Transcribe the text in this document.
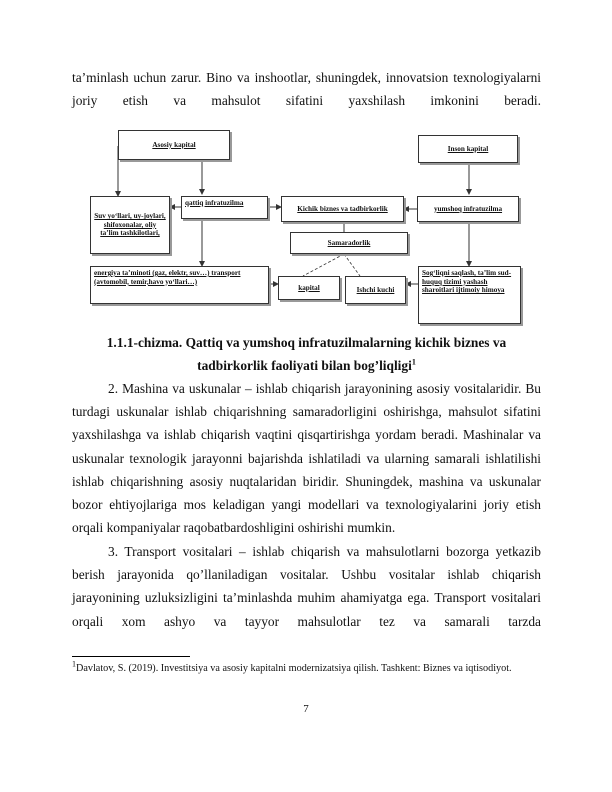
ta’minlash uchun zarur. Bino va inshootlar, shuningdek, innovatsion texnologiyalarni joriy etish va mahsulot sifatini yaxshilash imkonini beradi.

Asosiy kapital	Inson kapital
Suv yo‘llari, uy-joylari, shifoxonalar, oliy ta’lim tashkilotlari,
qattiq infratuzilma
Kichik biznes va tadbirkorlik	yumshoq infratuzilma
Samaradorlik
energiya ta’minoti (gaz, elektr, suv…) transport (avtomobil, temir,havo yo‘llari…)
kapital	Ishchi kuchi
Sog‘liqni saqlash, ta’lim sud-huquq tizimi yashash sharoitlari ijtimoiy himoya

1.1.1-chizma. Qattiq va yumshoq infratuzilmalarning kichik biznes va
tadbirkorlik faoliyati bilan bog’liqligi$^1$

2. Mashina va uskunalar – ishlab chiqarish jarayonining asosiy vositalaridir. Bu turdagi uskunalar ishlab chiqarishning samaradorligini oshirishga, mahsulot sifatini yaxshilashga va ishlab chiqarish vaqtini qisqartirishga yordam beradi. Mashinalar va uskunalar texnologik jarayonni bajarishda ishlatiladi va ularning samarali ishlatilishi ishlab chiqarishning asosiy nuqtalaridan biridir. Shuningdek, mashina va uskunalar bozor ehtiyojlariga mos keladigan yangi modellari va texnologiyalarini joriy etish orqali kompaniyalar raqobatbardoshligini oshirishi mumkin.

3. Transport vositalari – ishlab chiqarish va mahsulotlarni bozorga yetkazib berish jarayonida qo’llaniladigan vositalar. Ushbu vositalar ishlab chiqarish jarayonining uzluksizligini ta’minlashda muhim ahamiyatga ega. Transport vositalari orqali xom ashyo va tayyor mahsulotlar tez va samarali tarzda

$^1$Davlatov, S. (2019). Investitsiya va asosiy kapitalni modernizatsiya qilish. Tashkent: Biznes va iqtisodiyot.

7
